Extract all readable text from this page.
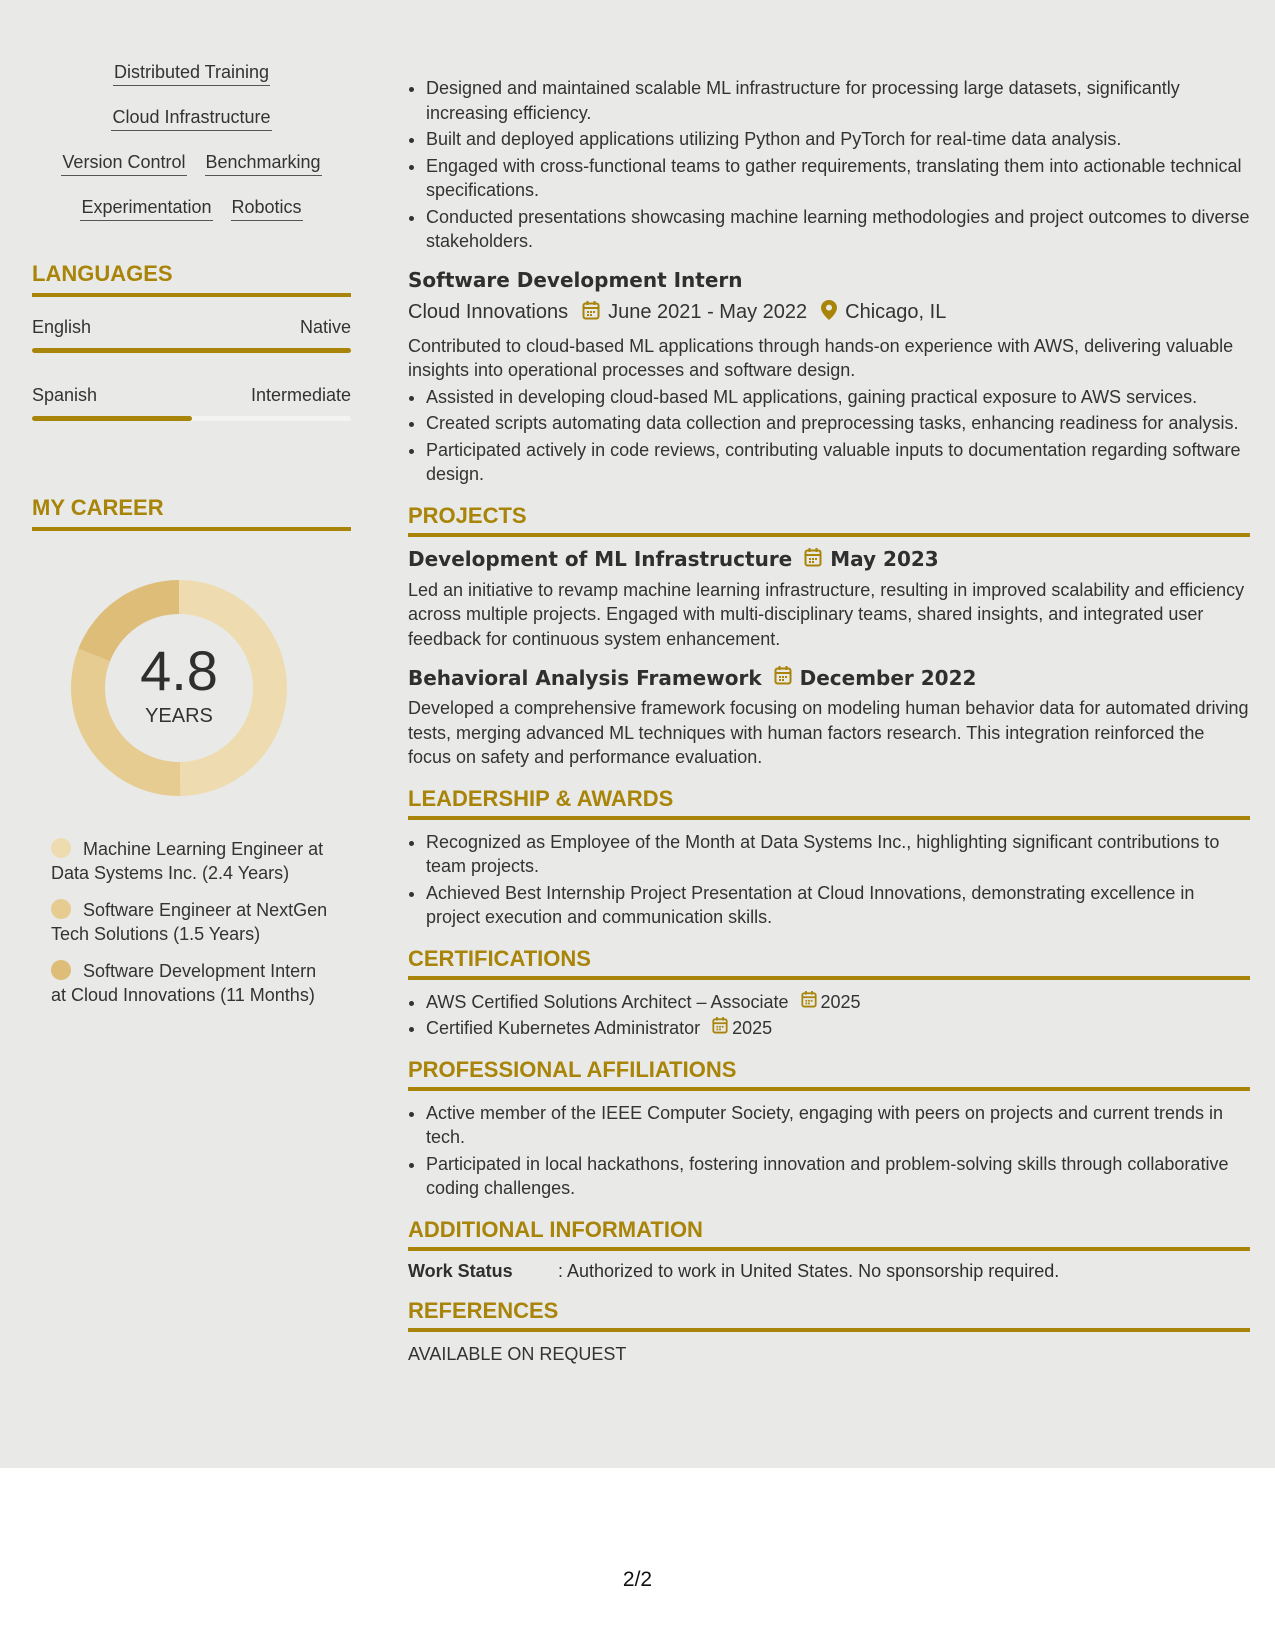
Distributed Training
Cloud Infrastructure
Version Control Benchmarking
Experimentation Robotics
LANGUAGES
English	Native
Spanish	Intermediate
MY CAREER
4.8
YEARS
Machine Learning Engineer at Data Systems Inc. (2.4 Years)
Software Engineer at NextGen Tech Solutions (1.5 Years)
Software Development Intern at Cloud Innovations (11 Months)
• Designed and maintained scalable ML infrastructure for processing large datasets, significantly increasing efficiency.
• Built and deployed applications utilizing Python and PyTorch for real-time data analysis.
• Engaged with cross-functional teams to gather requirements, translating them into actionable technical specifications.
• Conducted presentations showcasing machine learning methodologies and project outcomes to diverse stakeholders.
Software Development Intern
Cloud Innovations June 2021 - May 2022 Chicago, IL
Contributed to cloud-based ML applications through hands-on experience with AWS, delivering valuable insights into operational processes and software design.
• Assisted in developing cloud-based ML applications, gaining practical exposure to AWS services.
• Created scripts automating data collection and preprocessing tasks, enhancing readiness for analysis.
• Participated actively in code reviews, contributing valuable inputs to documentation regarding software design.
PROJECTS
Development of ML Infrastructure May 2023
Led an initiative to revamp machine learning infrastructure, resulting in improved scalability and efficiency across multiple projects. Engaged with multi-disciplinary teams, shared insights, and integrated user feedback for continuous system enhancement.
Behavioral Analysis Framework December 2022
Developed a comprehensive framework focusing on modeling human behavior data for automated driving tests, merging advanced ML techniques with human factors research. This integration reinforced the focus on safety and performance evaluation.
LEADERSHIP & AWARDS
• Recognized as Employee of the Month at Data Systems Inc., highlighting significant contributions to team projects.
• Achieved Best Internship Project Presentation at Cloud Innovations, demonstrating excellence in project execution and communication skills.
CERTIFICATIONS
• AWS Certified Solutions Architect – Associate 2025
• Certified Kubernetes Administrator 2025
PROFESSIONAL AFFILIATIONS
• Active member of the IEEE Computer Society, engaging with peers on projects and current trends in tech.
• Participated in local hackathons, fostering innovation and problem-solving skills through collaborative coding challenges.
ADDITIONAL INFORMATION
Work Status	: Authorized to work in United States. No sponsorship required.
REFERENCES
AVAILABLE ON REQUEST
2/2
